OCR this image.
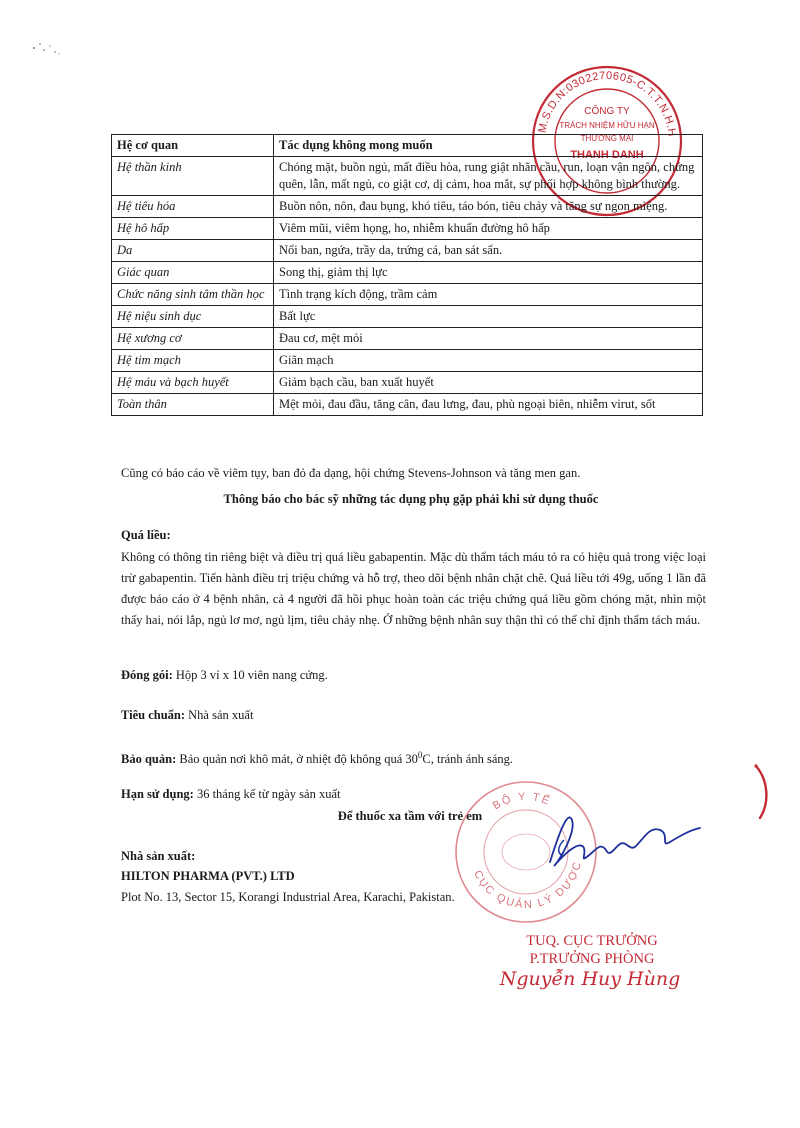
M.S.D.N:0302270605-C.T.T.N.H.H
CÔNG TY
TRÁCH NHIỆM HỮU HẠN
THƯƠNG MẠI
THANH DANH
Hệ cơ quan	Tác dụng không mong muốn
Hệ thần kinh	Chóng mặt, buồn ngủ, mất điều hòa, rung giật nhãn cầu, run, loạn vận ngôn, chứng quên, lẫn, mất ngủ, co giật cơ, dị cảm, hoa mắt, sự phối hợp không bình thường.
Hệ tiêu hóa	Buồn nôn, nôn, đau bụng, khó tiêu, táo bón, tiêu chảy và tăng sự ngon miệng.
Hệ hô hấp	Viêm mũi, viêm họng, ho, nhiễm khuẩn đường hô hấp
Da	Nổi ban, ngứa, trầy da, trứng cá, ban sát sẩn.
Giác quan	Song thị, giảm thị lực
Chức năng sinh tâm thần học	Tình trạng kích động, trầm cảm
Hệ niệu sinh dục	Bất lực
Hệ xương cơ	Đau cơ, mệt mỏi
Hệ tim mạch	Giãn mạch
Hệ máu và bạch huyết	Giảm bạch cầu, ban xuất huyết
Toàn thân	Mệt mỏi, đau đầu, tăng cân, đau lưng, đau, phù ngoại biên, nhiễm virut, sốt
Cũng có báo cáo về viêm tụy, ban đỏ đa dạng, hội chứng Stevens-Johnson và tăng men gan.
Thông báo cho bác sỹ những tác dụng phụ gặp phải khi sử dụng thuốc
Quá liều:
Không có thông tin riêng biệt và điều trị quá liều gabapentin. Mặc dù thẩm tách máu tỏ ra có hiệu quả trong việc loại trừ gabapentin. Tiến hành điều trị triệu chứng và hỗ trợ, theo dõi bệnh nhân chặt chẽ. Quá liều tới 49g, uống 1 lần đã được báo cáo ở 4 bệnh nhân, cả 4 người đã hồi phục hoàn toàn các triệu chứng quá liều gồm chóng mặt, nhìn một thấy hai, nói lắp, ngủ lơ mơ, ngủ lịm, tiêu chảy nhẹ. Ở những bệnh nhân suy thận thì có thể chỉ định thẩm tách máu.
Đóng gói: Hộp 3 vỉ x 10 viên nang cứng.
Tiêu chuẩn: Nhà sản xuất
Bảo quản: Bảo quản nơi khô mát, ở nhiệt độ không quá $30^0C$, tránh ánh sáng.
Hạn sử dụng: 36 tháng kể từ ngày sản xuất
Để thuốc xa tầm với trẻ em
Nhà sản xuất:
HILTON PHARMA (PVT.) LTD
Plot No. 13, Sector 15, Korangi Industrial Area, Karachi, Pakistan.
BỘ Y TẾ
CỤC QUẢN LÝ DƯỢC
TUQ. CỤC TRƯỞNG
P.TRƯỞNG PHÒNG
Nguyễn Huy Hùng
